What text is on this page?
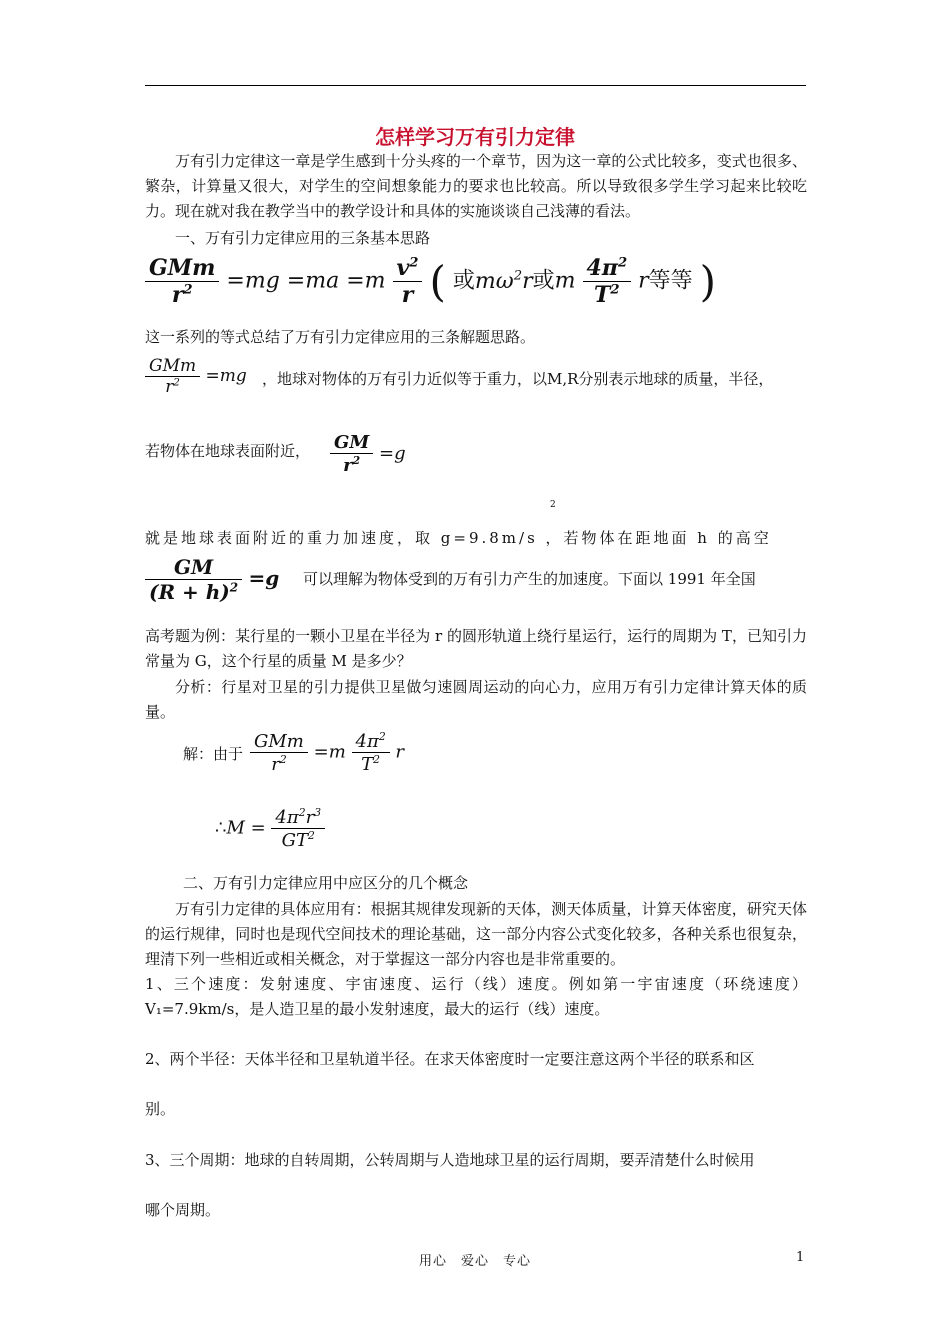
怎样学习万有引力定律
万有引力定律这一章是学生感到十分头疼的一个章节，因为这一章的公式比较多，变式也很多、繁杂，计算量又很大，对学生的空间想象能力的要求也比较高。所以导致很多学生学习起来比较吃力。现在就对我在教学当中的教学设计和具体的实施谈谈自己浅薄的看法。
一、万有引力定律应用的三条基本思路
$\frac{\text{GMm}}{r^2} =mg =ma =m \frac{v^2}{r}$ ( 或$m\omega^2r$或m $\frac{4\pi^2}{T^2}$ r等等 )
这一系列的等式总结了万有引力定律应用的三条解题思路。
$\frac{\text{GMm}}{r^2} =mg$ ，地球对物体的万有引力近似等于重力，以M,R分别表示地球的质量，半径，
若物体在地球表面附近， $\frac{GM}{r^2} =g$
2
就是地球表面附近的重力加速度，取 g=9.8m/s ，若物体在距地面 h 的高空
$\frac{GM}{(R + h)^2} =g$ 可以理解为物体受到的万有引力产生的加速度。下面以 1991 年全国
高考题为例：某行星的一颗小卫星在半径为 r 的圆形轨道上绕行星运行，运行的周期为 T，已知引力常量为 G，这个行星的质量 M 是多少？
分析：行星对卫星的引力提供卫星做匀速圆周运动的向心力，应用万有引力定律计算天体的质量。
解：由于 $\frac{\text{GMm}}{r^2} =m \frac{4\pi^2}{T^2}$ r
∴M = $\frac{4\pi^2r^3}{GT^2}$
二、万有引力定律应用中应区分的几个概念
万有引力定律的具体应用有：根据其规律发现新的天体，测天体质量，计算天体密度，研究天体的运行规律，同时也是现代空间技术的理论基础，这一部分内容公式变化较多，各种关系也很复杂，理清下列一些相近或相关概念，对于掌握这一部分内容也是非常重要的。
1、三个速度：发射速度、宇宙速度、运行（线）速度。例如第一宇宙速度（环绕速度）V₁=7.9km/s，是人造卫星的最小发射速度，最大的运行（线）速度。
2、两个半径：天体半径和卫星轨道半径。在求天体密度时一定要注意这两个半径的联系和区
别。
3、三个周期：地球的自转周期，公转周期与人造地球卫星的运行周期，要弄清楚什么时候用
哪个周期。
用心　爱心　专心	1
